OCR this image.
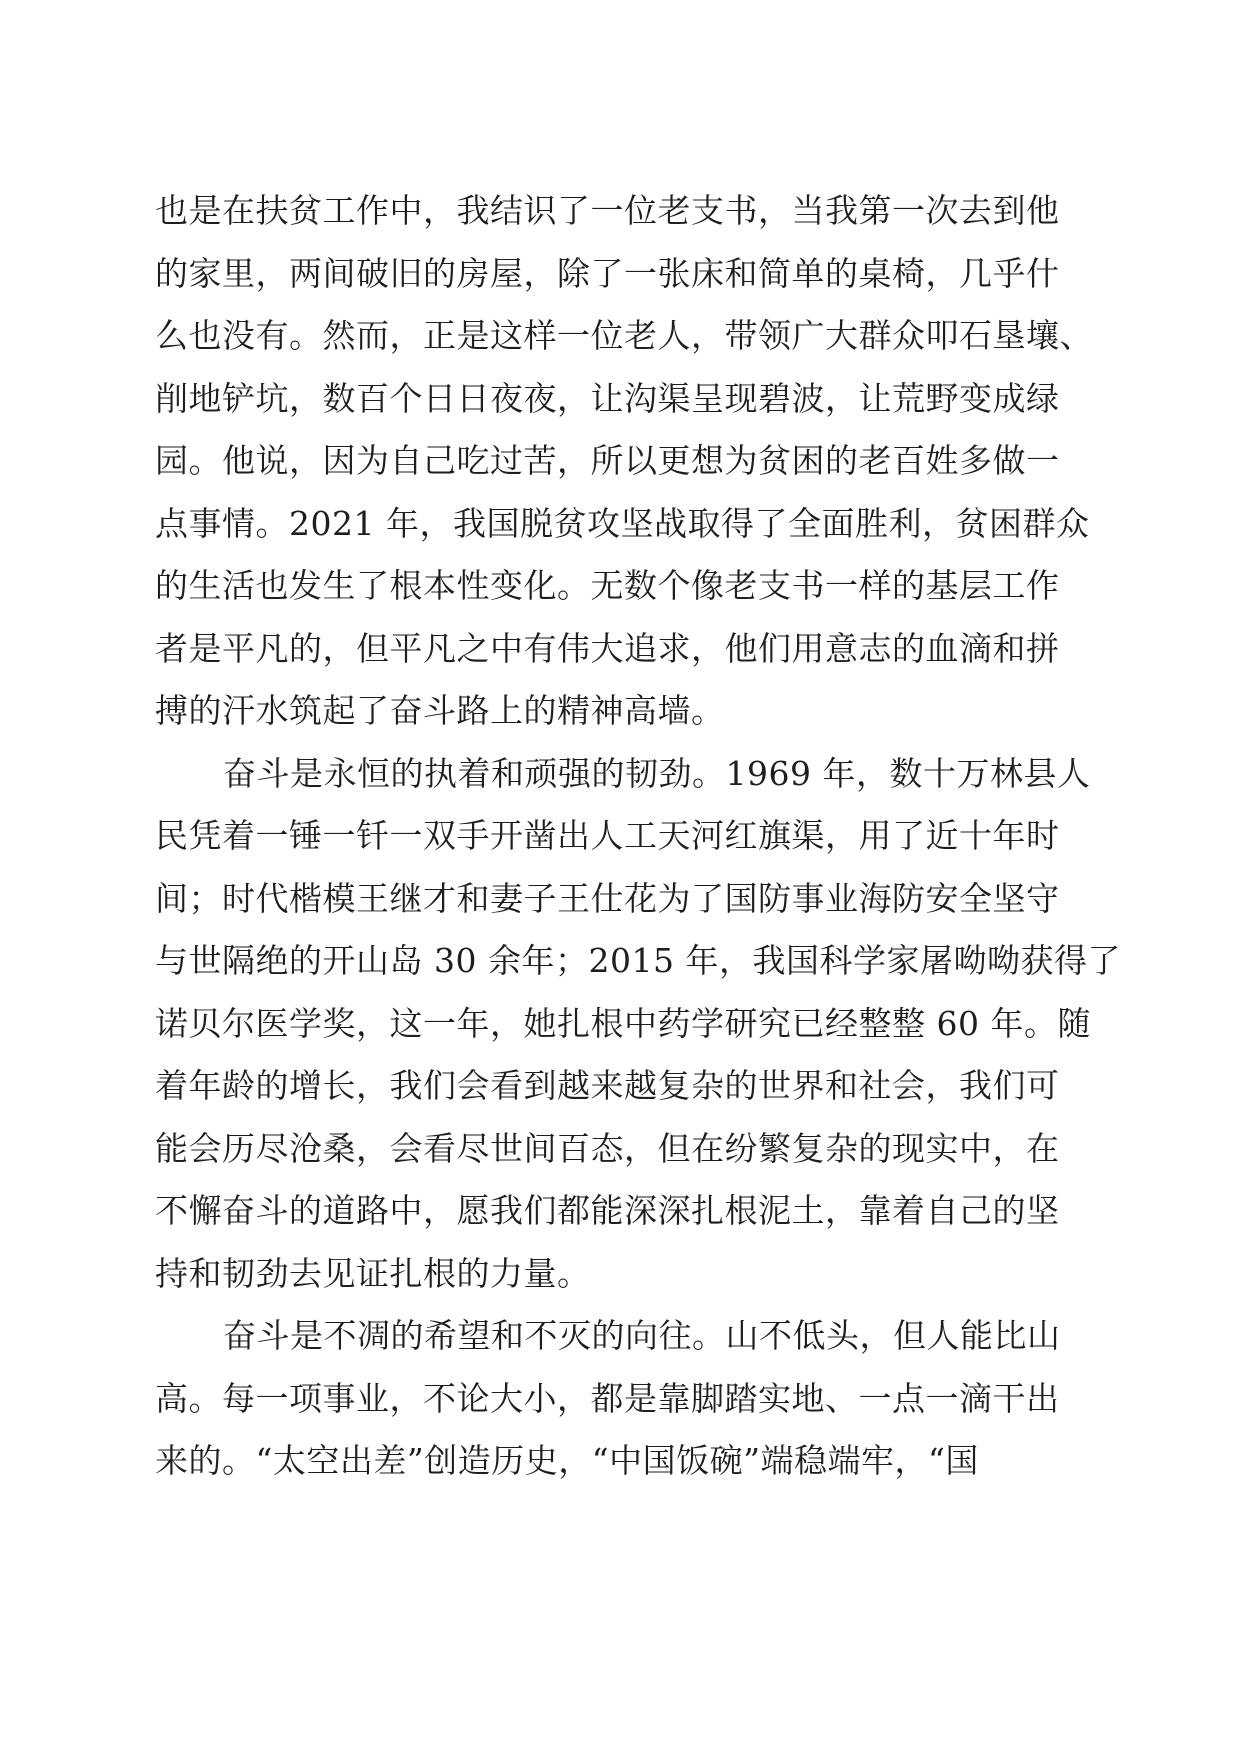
也是在扶贫工作中，我结识了一位老支书，当我第一次去到他
的家里，两间破旧的房屋，除了一张床和简单的桌椅，几乎什
么也没有。然而，正是这样一位老人，带领广大群众叩石垦壤、
削地铲坑，数百个日日夜夜，让沟渠呈现碧波，让荒野变成绿
园。他说，因为自己吃过苦，所以更想为贫困的老百姓多做一
点事情。2021 年，我国脱贫攻坚战取得了全面胜利，贫困群众
的生活也发生了根本性变化。无数个像老支书一样的基层工作
者是平凡的，但平凡之中有伟大追求，他们用意志的血滴和拼
搏的汗水筑起了奋斗路上的精神高墙。
奋斗是永恒的执着和顽强的韧劲。1969 年，数十万林县人
民凭着一锤一钎一双手开凿出人工天河红旗渠，用了近十年时
间；时代楷模王继才和妻子王仕花为了国防事业海防安全坚守
与世隔绝的开山岛 30 余年；2015 年，我国科学家屠呦呦获得了
诺贝尔医学奖，这一年，她扎根中药学研究已经整整 60 年。随
着年龄的增长，我们会看到越来越复杂的世界和社会，我们可
能会历尽沧桑，会看尽世间百态，但在纷繁复杂的现实中，在
不懈奋斗的道路中，愿我们都能深深扎根泥土，靠着自己的坚
持和韧劲去见证扎根的力量。
奋斗是不凋的希望和不灭的向往。山不低头，但人能比山
高。每一项事业，不论大小，都是靠脚踏实地、一点一滴干出
来的。“太空出差”创造历史，“中国饭碗”端稳端牢，“国
